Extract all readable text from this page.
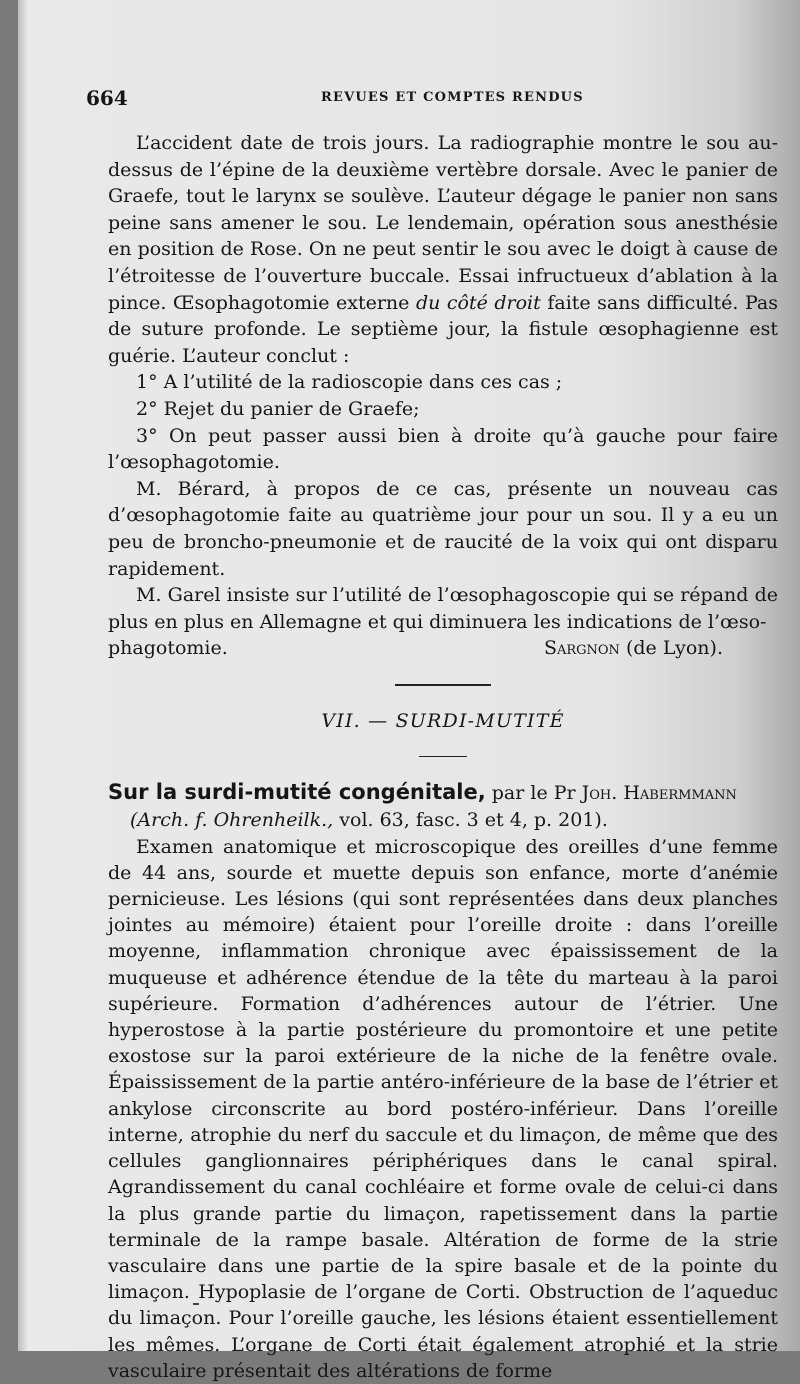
664	REVUES ET COMPTES RENDUS

L’accident date de trois jours. La radiographie montre le sou au-dessus de l’épine de la deuxième vertèbre dorsale. Avec le panier de Graefe, tout le larynx se soulève. L’auteur dégage le panier non sans peine sans amener le sou. Le lendemain, opération sous anesthésie en position de Rose. On ne peut sentir le sou avec le doigt à cause de l’étroitesse de l’ouverture buccale. Essai infructueux d’ablation à la pince. Œsophagotomie externe du côté droit faite sans difficulté. Pas de suture profonde. Le septième jour, la fistule œsophagienne est guérie. L’auteur conclut :

1° A l’utilité de la radioscopie dans ces cas ;

2° Rejet du panier de Graefe;

3° On peut passer aussi bien à droite qu’à gauche pour faire l’œsophagotomie.

M. Bérard, à propos de ce cas, présente un nouveau cas d’œsophagotomie faite au quatrième jour pour un sou. Il y a eu un peu de broncho-pneumonie et de raucité de la voix qui ont disparu rapidement.

M. Garel insiste sur l’utilité de l’œsophagoscopie qui se répand de plus en plus en Allemagne et qui diminuera les indications de l’œso-

phagotomie.	Sargnon (de Lyon).

VII. — SURDI-MUTITÉ

Sur la surdi-mutité congénitale, par le Pr Joh. Habermmann
(Arch. f. Ohrenheilk., vol. 63, fasc. 3 et 4, p. 201).

Examen anatomique et microscopique des oreilles d’une femme de 44 ans, sourde et muette depuis son enfance, morte d’anémie pernicieuse. Les lésions (qui sont représentées dans deux planches jointes au mémoire) étaient pour l’oreille droite : dans l’oreille moyenne, inflammation chronique avec épaississement de la muqueuse et adhérence étendue de la tête du marteau à la paroi supérieure. Formation d’adhérences autour de l’étrier. Une hyperostose à la partie postérieure du promontoire et une petite exostose sur la paroi extérieure de la niche de la fenêtre ovale. Épaississement de la partie antéro-inférieure de la base de l’étrier et ankylose circonscrite au bord postéro-inférieur. Dans l’oreille interne, atrophie du nerf du saccule et du limaçon, de même que des cellules ganglionnaires périphériques dans le canal spiral. Agrandissement du canal cochléaire et forme ovale de celui-ci dans la plus grande partie du limaçon, rapetissement dans la partie terminale de la rampe basale. Altération de forme de la strie vasculaire dans une partie de la spire basale et de la pointe du limaçon. Hypoplasie de l’organe de Corti. Obstruction de l’aqueduc du limaçon. Pour l’oreille gauche, les lésions étaient essentiellement les mêmes. L’organe de Corti était également atrophié et la strie vasculaire présentait des altérations de forme
